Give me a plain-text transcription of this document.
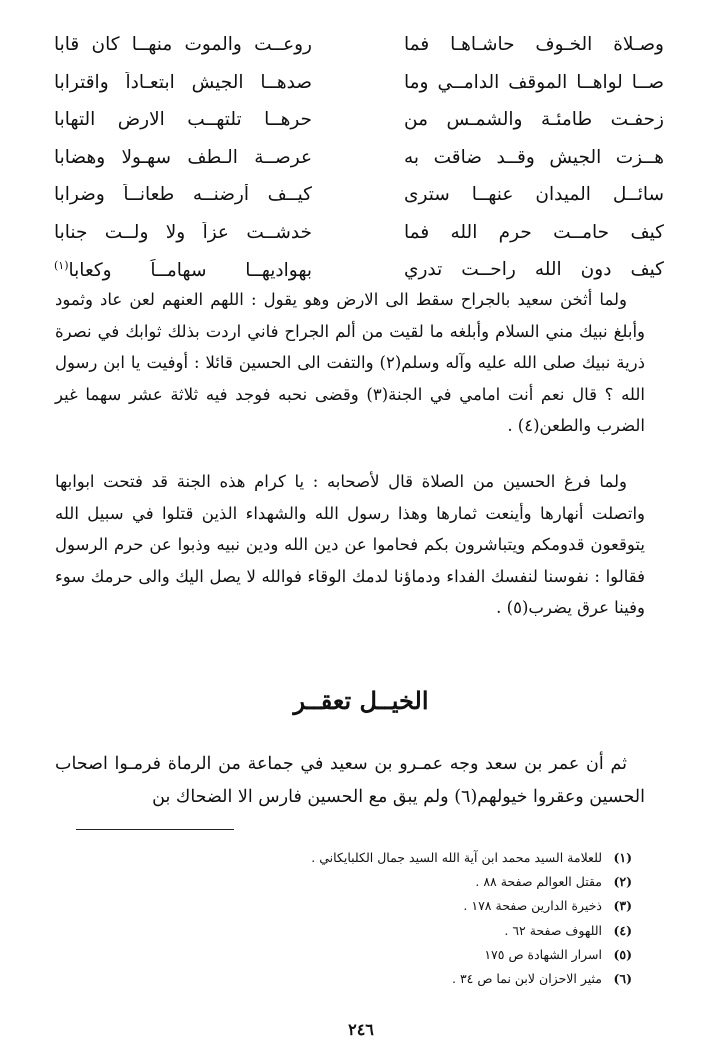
وصـلاة الخـوف حاشـاهـا فما
روعــت والموت منهــا كان قابا
صــا لواهــا الموقف الدامــي وما
صدهــا الجيش ابتعـاداً واقترابا
زحفـت طامئـة والشمـس من
حرهــا تلتهــب الارض التهابا
هــزت الجيش وقــد ضاقت به
عرصــة الـطف سهـولا وهضابا
سائــل الميدان عنهــا سترى
كيــف أرضنــه طعانــاً وضرابا
كيف حامــت حرم الله فما
خدشــت عزاً ولا ولــت جنابا
كيف دون الله راحــت تدري
بهواديهــا سهامــاً وكعابا$^{(١)}$

ولما أثخن سعيد بالجراح سقط الى الارض وهو يقول : اللهم العنهم لعن عاد وثمود وأبلغ نبيك مني السلام وأبلغه ما لقيت من ألم الجراح فاني اردت بذلك ثوابك في نصرة ذرية نبيك صلى الله عليه وآله وسلم(٢) والتفت الى الحسين قائلا : أوفيت يا ابن رسول الله ؟ قال نعم أنت امامي في الجنة(٣) وقضى نحبه فوجد فيه ثلاثة عشر سهما غير الضرب والطعن(٤) .

ولما فرغ الحسين من الصلاة قال لأصحابه : يا كرام هذه الجنة قد فتحت ابوابها واتصلت أنهارها وأينعت ثمارها وهذا رسول الله والشهداء الذين قتلوا في سبيل الله يتوقعون قدومكم ويتباشرون بكم فحاموا عن دين الله ودين نبيه وذبوا عن حرم الرسول فقالوا : نفوسنا لنفسك الفداء ودماؤنا لدمك الوقاء فوالله لا يصل اليك والى حرمك سوء وفينا عرق يضرب(٥) .

الخيــل تعقــر

ثم أن عمر بن سعد وجه عمـرو بن سعيد في جماعة من الرماة فرمـوا اصحاب الحسين وعقروا خيولهم(٦) ولم يبق مع الحسين فارس الا الضحاك بن

(١) للعلامة السيد محمد ابن آية الله السيد جمال الكلبايكاني .
(٢) مقتل العوالم صفحة ٨٨ .
(٣) ذخيرة الدارين صفحة ١٧٨ .
(٤) اللهوف صفحة ٦٢ .
(٥) اسرار الشهادة ص ١٧٥
(٦) مثير الاحزان لابن نما ص ٣٤ .
٢٤٦
